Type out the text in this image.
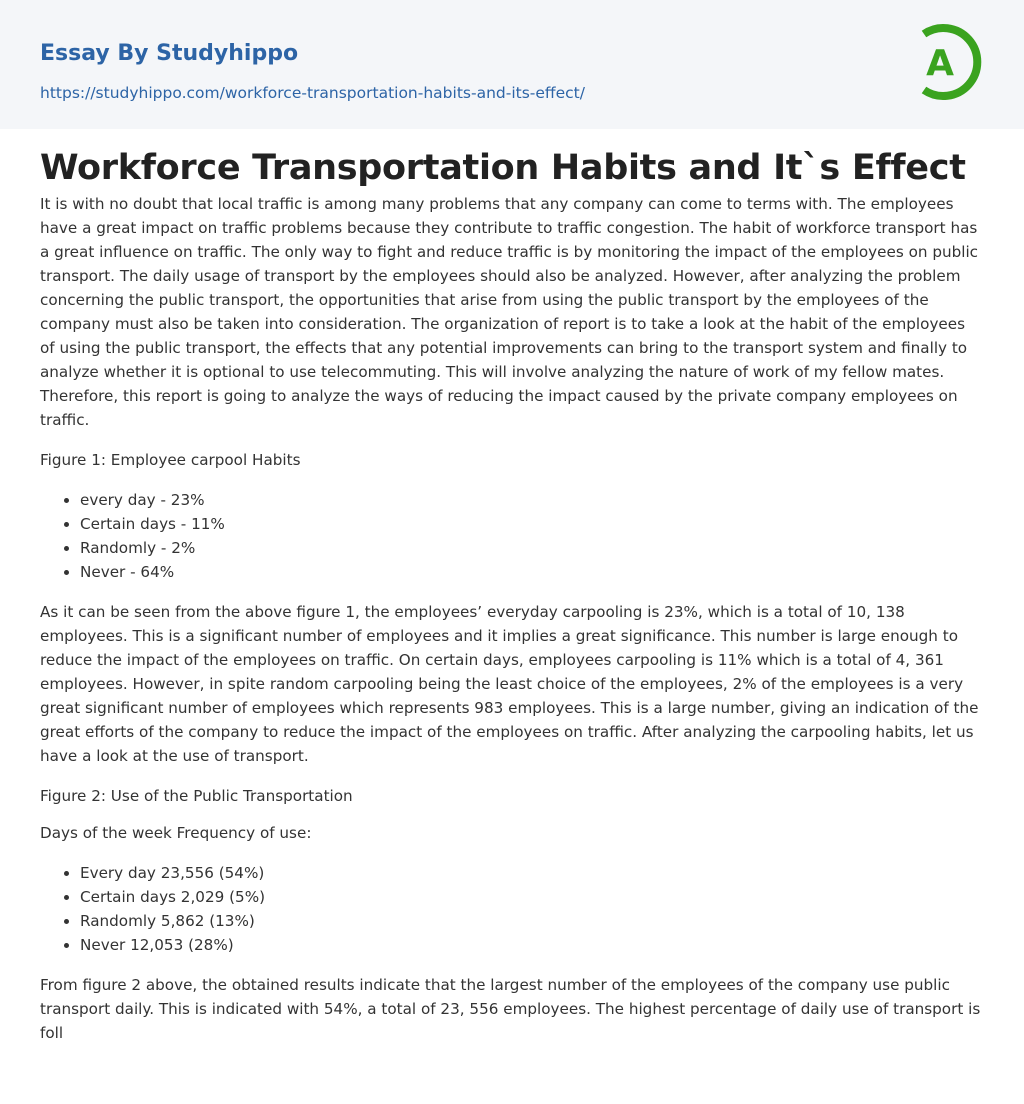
Essay By Studyhippo
https://studyhippo.com/workforce-transportation-habits-and-its-effect/
A
Workforce Transportation Habits and It`s Effect

It is with no doubt that local traffic is among many problems that any company can come to terms with. The employees have a great impact on traffic problems because they contribute to traffic congestion. The habit of workforce transport has a great influence on traffic. The only way to fight and reduce traffic is by monitoring the impact of the employees on public transport. The daily usage of transport by the employees should also be analyzed. However, after analyzing the problem concerning the public transport, the opportunities that arise from using the public transport by the employees of the company must also be taken into consideration. The organization of report is to take a look at the habit of the employees of using the public transport, the effects that any potential improvements can bring to the transport system and finally to analyze whether it is optional to use telecommuting. This will involve analyzing the nature of work of my fellow mates. Therefore, this report is going to analyze the ways of reducing the impact caused by the private company employees on traffic.

Figure 1: Employee carpool Habits

• every day - 23%
• Certain days - 11%
• Randomly - 2%
• Never - 64%

As it can be seen from the above figure 1, the employees’ everyday carpooling is 23%, which is a total of 10, 138 employees. This is a significant number of employees and it implies a great significance. This number is large enough to reduce the impact of the employees on traffic. On certain days, employees carpooling is 11% which is a total of 4, 361 employees. However, in spite random carpooling being the least choice of the employees, 2% of the employees is a very great significant number of employees which represents 983 employees. This is a large number, giving an indication of the great efforts of the company to reduce the impact of the employees on traffic. After analyzing the carpooling habits, let us have a look at the use of transport.

Figure 2: Use of the Public Transportation

Days of the week Frequency of use:

• Every day 23,556 (54%)
• Certain days 2,029 (5%)
• Randomly 5,862 (13%)
• Never 12,053 (28%)

From figure 2 above, the obtained results indicate that the largest number of the employees of the company use public transport daily. This is indicated with 54%, a total of 23, 556 employees. The highest percentage of daily use of transport is foll
